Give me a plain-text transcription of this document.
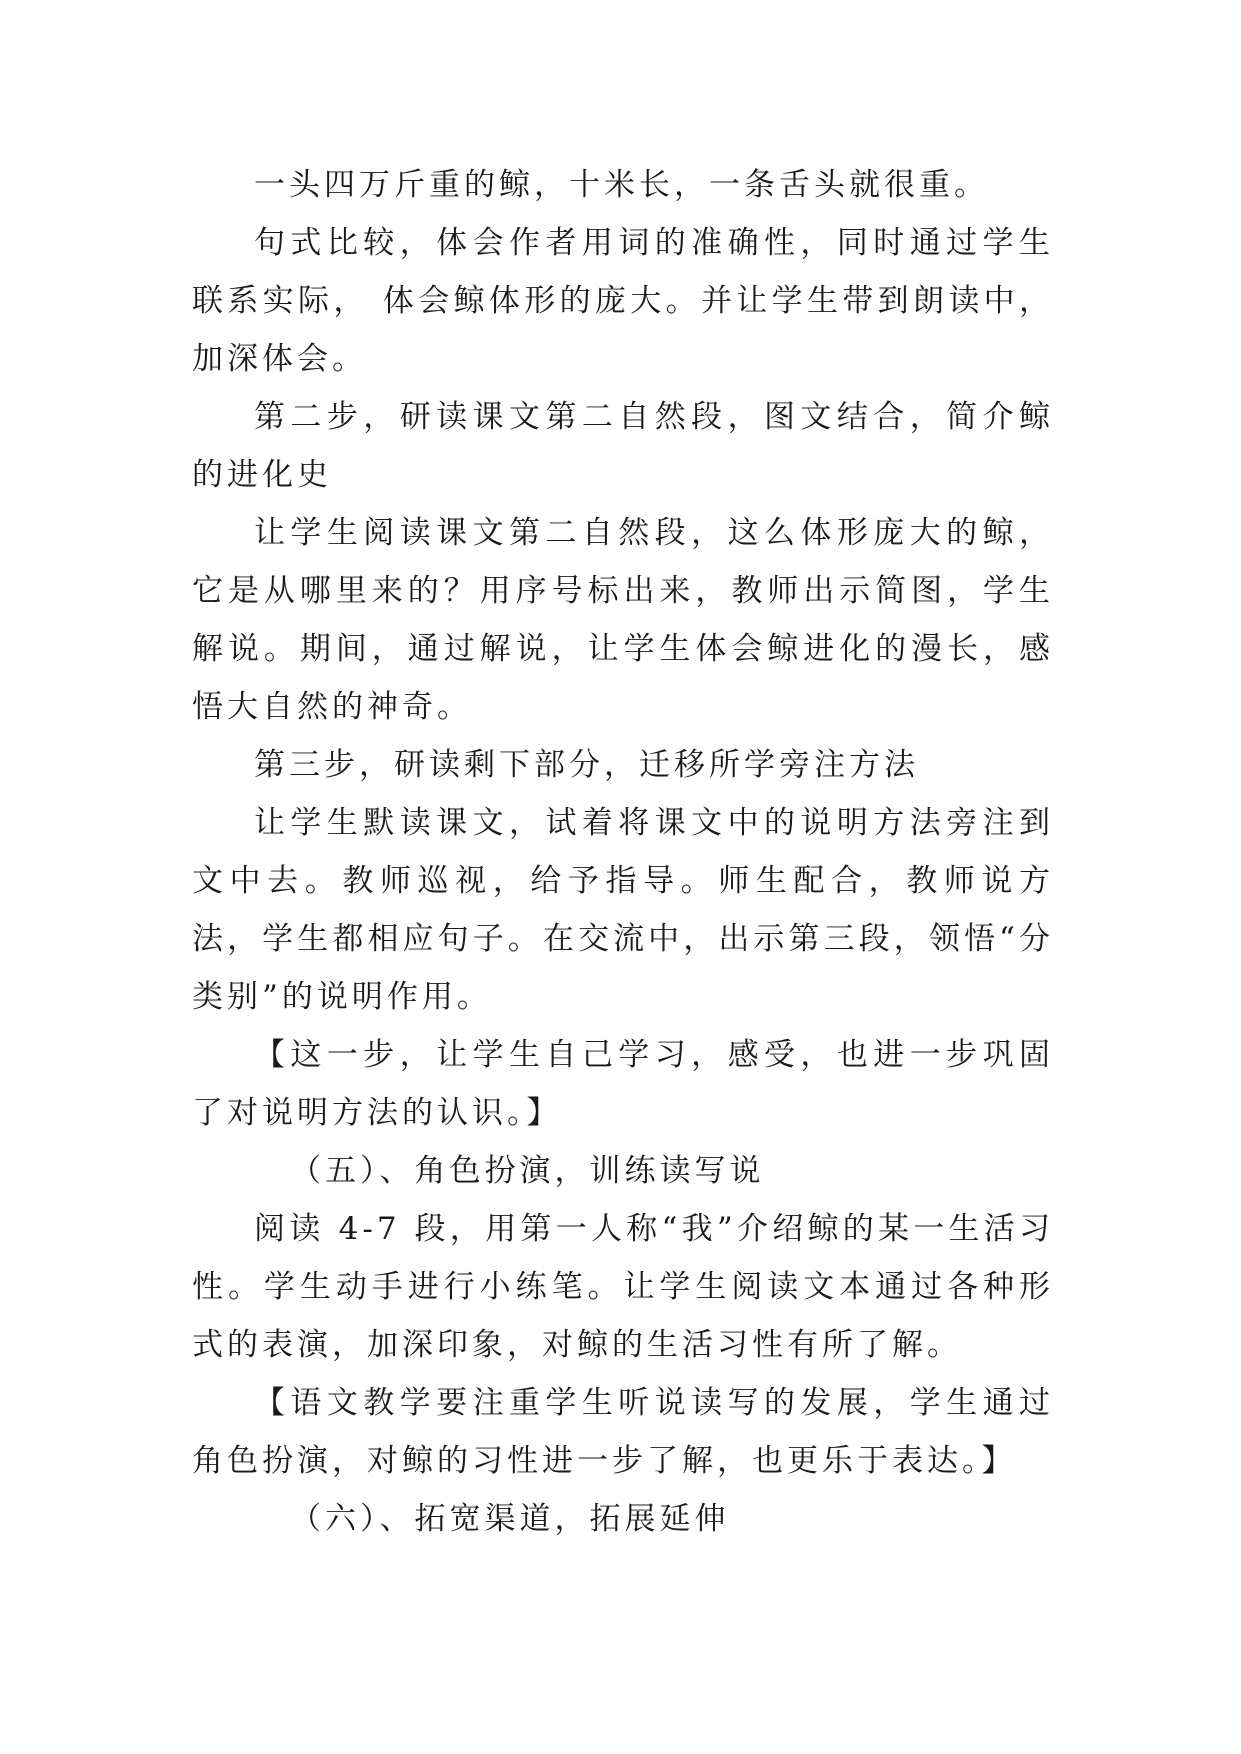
一头四万斤重的鲸，十米长，一条舌头就很重。

句式比较，体会作者用词的准确性，同时通过学生联系实际， 体会鲸体形的庞大。并让学生带到朗读中，加深体会。

第二步，研读课文第二自然段，图文结合，简介鲸的进化史

让学生阅读课文第二自然段，这么体形庞大的鲸，它是从哪里来的？用序号标出来，教师出示简图，学生解说。期间，通过解说，让学生体会鲸进化的漫长，感悟大自然的神奇。

第三步，研读剩下部分，迁移所学旁注方法

让学生默读课文，试着将课文中的说明方法旁注到文中去。教师巡视，给予指导。师生配合，教师说方法，学生都相应句子。在交流中，出示第三段，领悟“分类别”的说明作用。

【这一步，让学生自己学习，感受，也进一步巩固了对说明方法的认识。】

（五）、角色扮演，训练读写说

阅读 4-7 段，用第一人称“我”介绍鲸的某一生活习性。学生动手进行小练笔。让学生阅读文本通过各种形式的表演，加深印象，对鲸的生活习性有所了解。

【语文教学要注重学生听说读写的发展，学生通过角色扮演，对鲸的习性进一步了解，也更乐于表达。】

（六）、拓宽渠道，拓展延伸
